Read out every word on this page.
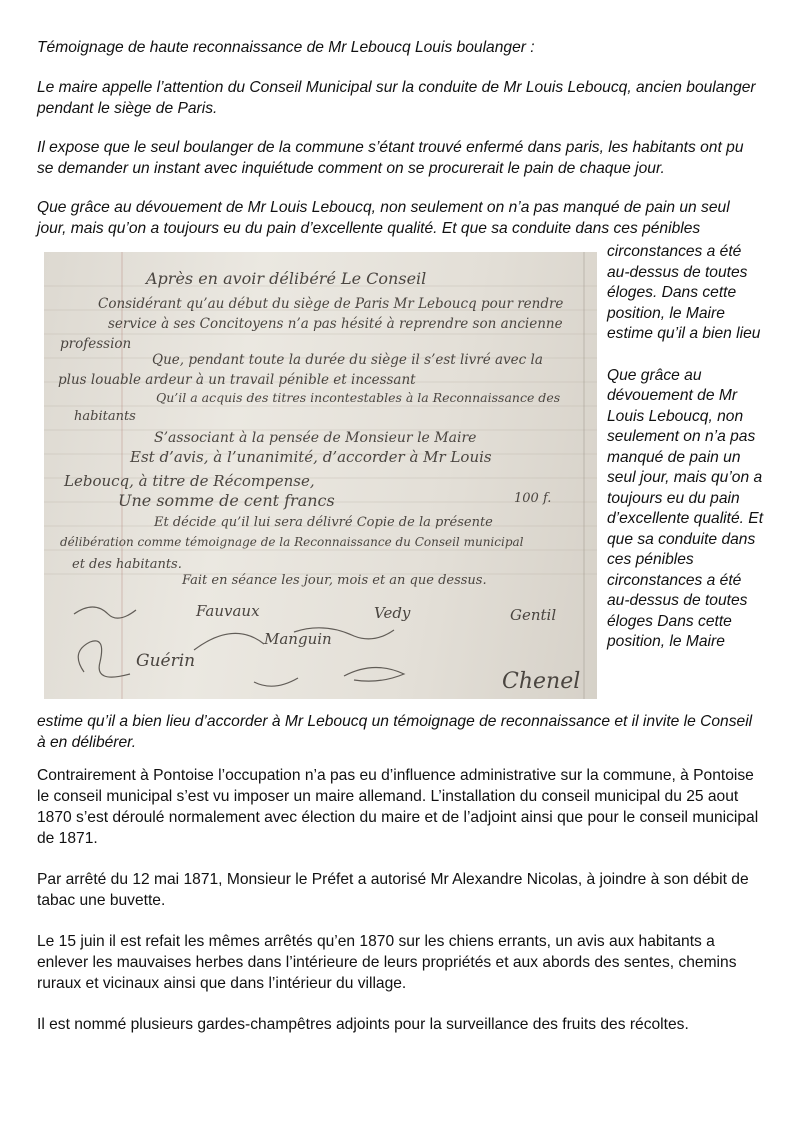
Témoignage de haute reconnaissance de Mr Leboucq Louis boulanger :

Le maire appelle l’attention du Conseil Municipal sur la conduite de Mr Louis Leboucq, ancien boulanger pendant le siège de Paris.

Il expose que le seul boulanger de la commune s’étant trouvé enfermé dans paris, les habitants ont pu se demander un instant avec inquiétude comment on se procurerait le pain de chaque jour.

Que grâce au dévouement de Mr Louis Leboucq, non seulement on n’a pas manqué de pain un seul jour, mais qu’on a toujours eu du pain d’excellente qualité. Et que sa conduite dans ces pénibles

Après en avoir délibéré Le Conseil
Considérant qu’au début du siège de Paris Mr Leboucq pour rendre
service à ses Concitoyens n’a pas hésité à reprendre son ancienne
profession
Que, pendant toute la durée du siège il s’est livré avec la
plus louable ardeur à un travail pénible et incessant
Qu’il a acquis des titres incontestables à la Reconnaissance des
habitants
S’associant à la pensée de Monsieur le Maire
Est d’avis, à l’unanimité, d’accorder à Mr Louis
Leboucq, à titre de Récompense,
Une somme de cent francs	100 f.
Et décide qu’il lui sera délivré Copie de la présente
délibération comme témoignage de la Reconnaissance du Conseil municipal
et des habitants.
Fait en séance les jour, mois et an que dessus.
Fauvaux	Vedy	Gentil
Manguin
Chenel
Guérin

circonstances a été au-dessus de toutes éloges. Dans cette position, le Maire estime qu’il a bien lieu

Que grâce au dévouement de Mr Louis Leboucq, non seulement on n’a pas manqué de pain un seul jour, mais qu’on a toujours eu du pain d’excellente qualité. Et que sa conduite dans ces pénibles circonstances a été au-dessus de toutes éloges Dans cette position, le Maire

estime qu’il a bien lieu d’accorder à Mr Leboucq un témoignage de reconnaissance et il invite le Conseil à en délibérer.

Contrairement à Pontoise l’occupation n’a pas eu d’influence administrative sur la commune, à Pontoise le conseil municipal s’est vu imposer un maire allemand. L’installation du conseil municipal du 25 aout 1870 s’est déroulé normalement avec élection du maire et de l’adjoint ainsi que pour le conseil municipal de 1871.

Par arrêté du 12 mai 1871, Monsieur le Préfet a autorisé Mr Alexandre Nicolas, à joindre à son débit de tabac une buvette.

Le 15 juin il est refait les mêmes arrêtés qu’en 1870 sur les chiens errants, un avis aux habitants a enlever les mauvaises herbes dans l’intérieure de leurs propriétés et aux abords des sentes, chemins ruraux et vicinaux ainsi que dans l’intérieur du village.

Il est nommé plusieurs gardes-champêtres adjoints pour la surveillance des fruits des récoltes.
